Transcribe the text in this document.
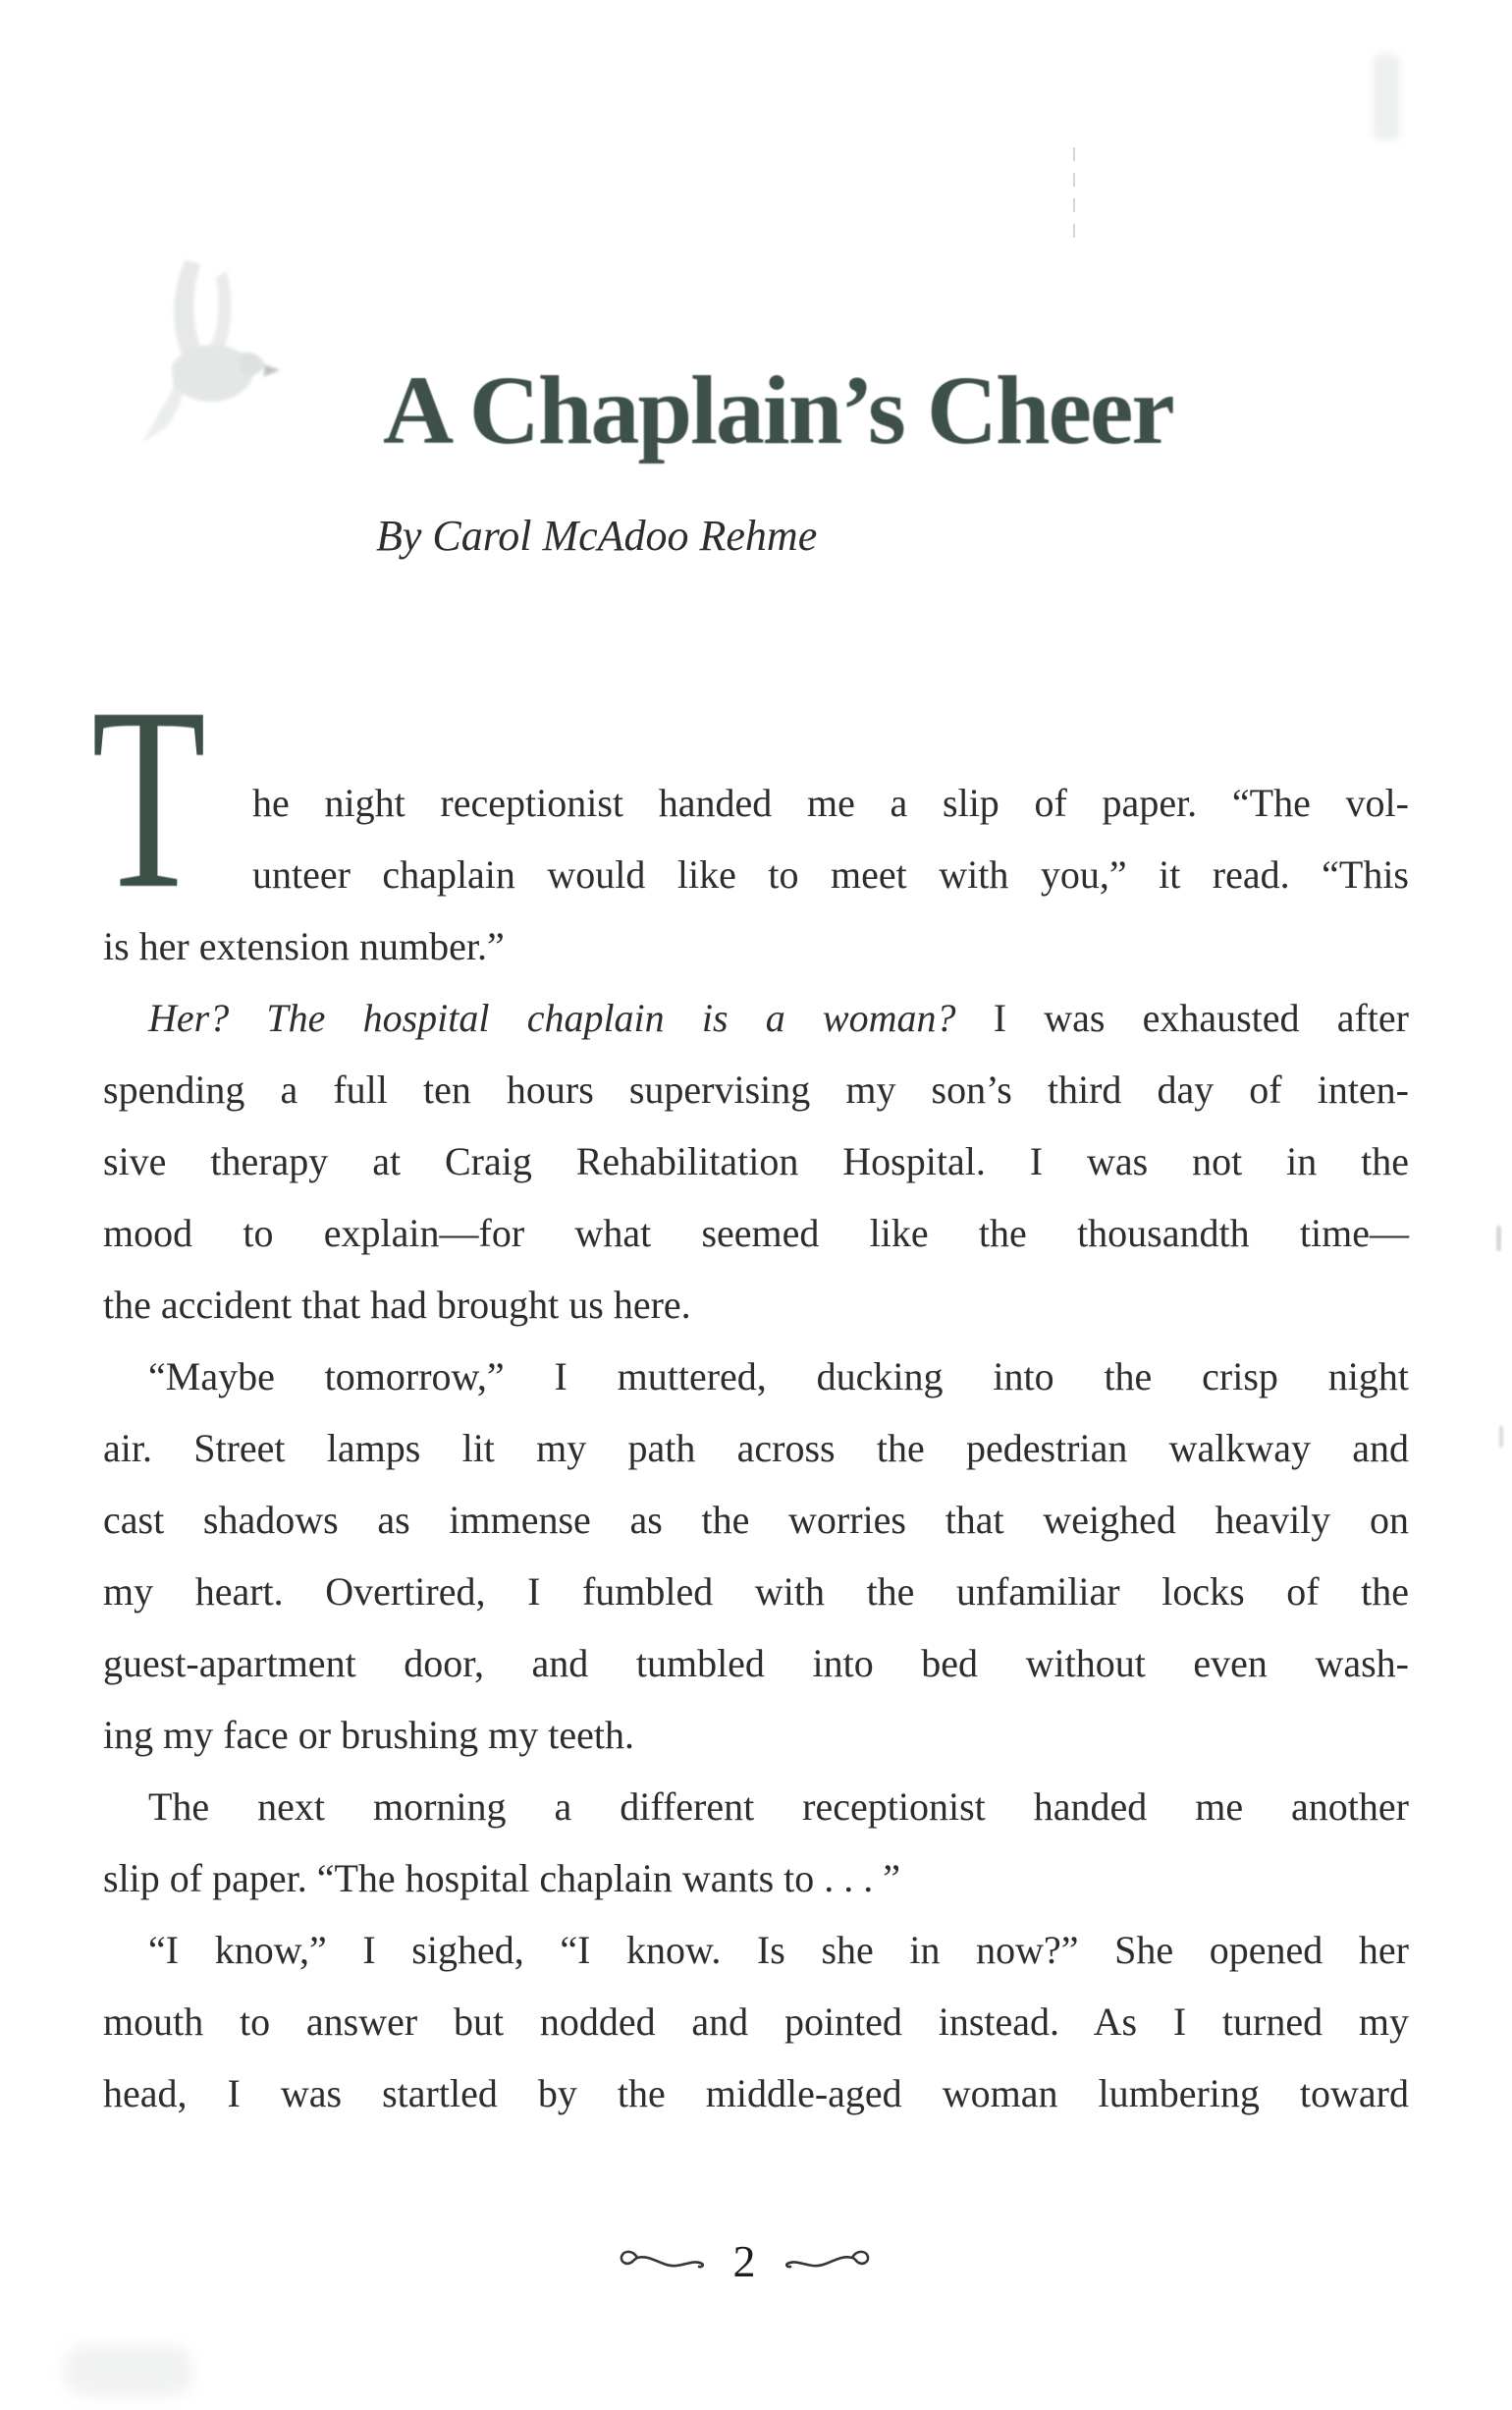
A Chaplain’s Cheer
By Carol McAdoo Rehme
T	he night receptionist handed me a slip of paper. “The vol-
unteer chaplain would like to meet with you,” it read. “This
is her extension number.”
Her? The hospital chaplain is a woman? I was exhausted after
spending a full ten hours supervising my son’s third day of inten-
sive therapy at Craig Rehabilitation Hospital. I was not in the
mood to explain—for what seemed like the thousandth time—
the accident that had brought us here.
“Maybe tomorrow,” I muttered, ducking into the crisp night
air. Street lamps lit my path across the pedestrian walkway and
cast shadows as immense as the worries that weighed heavily on
my heart. Overtired, I fumbled with the unfamiliar locks of the
guest-apartment door, and tumbled into bed without even wash-
ing my face or brushing my teeth.
The next morning a different receptionist handed me another
slip of paper. “The hospital chaplain wants to . . . ”
“I know,” I sighed, “I know. Is she in now?” She opened her
mouth to answer but nodded and pointed instead. As I turned my
head, I was startled by the middle-aged woman lumbering toward
2
